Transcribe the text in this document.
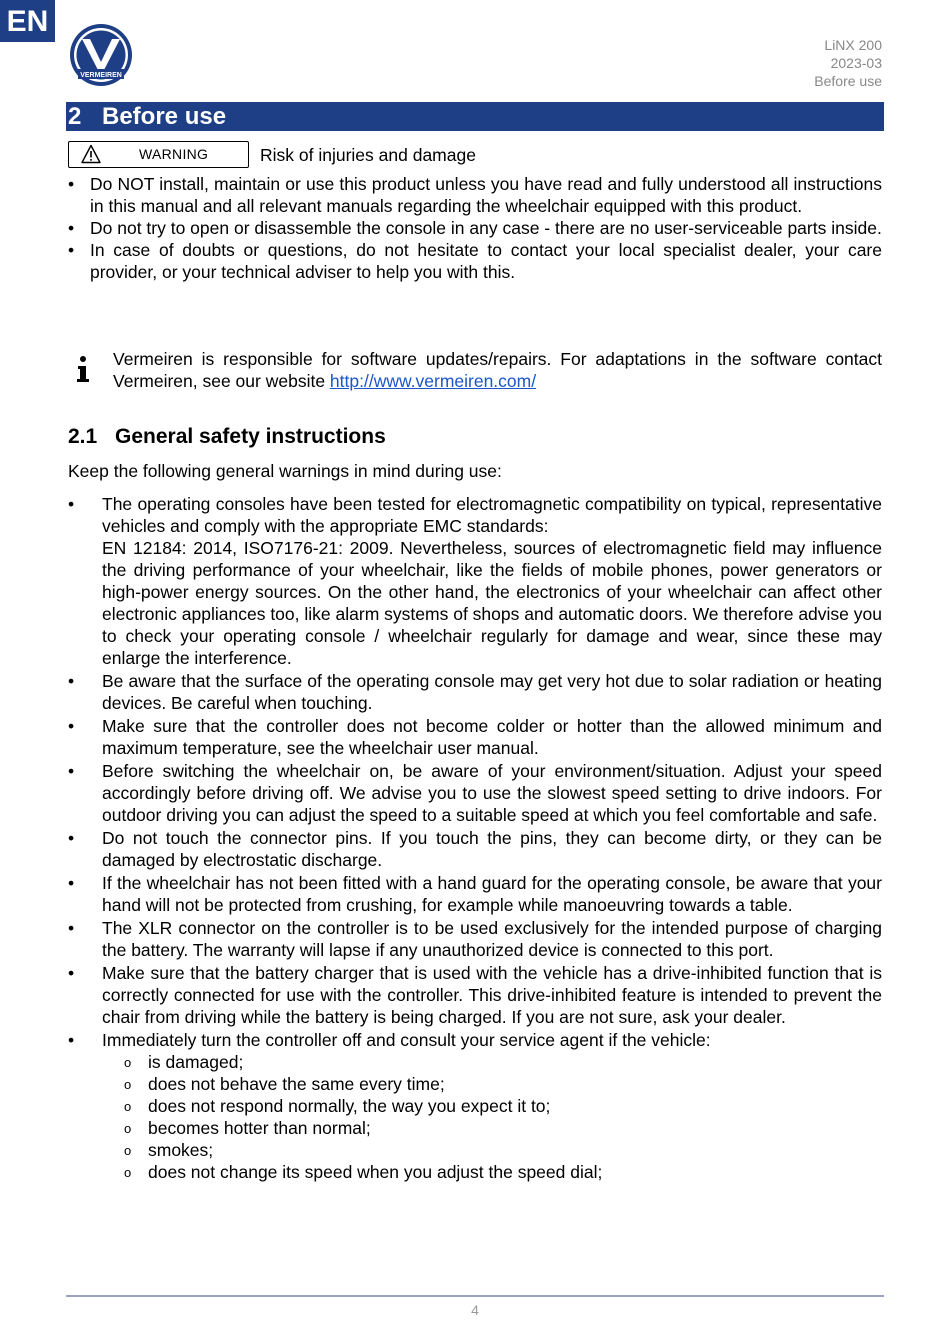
EN
VERMEIREN
LiNX 200
2023-03
Before use
2 Before use
WARNING	Risk of injuries and damage
• Do NOT install, maintain or use this product unless you have read and fully understood all instructions in this manual and all relevant manuals regarding the wheelchair equipped with this product.
• Do not try to open or disassemble the console in any case - there are no user-serviceable parts inside.
• In case of doubts or questions, do not hesitate to contact your local specialist dealer, your care provider, or your technical adviser to help you with this.
Vermeiren is responsible for software updates/repairs. For adaptations in the software contact Vermeiren, see our website http://www.vermeiren.com/
2.1 General safety instructions
Keep the following general warnings in mind during use:
• The operating consoles have been tested for electromagnetic compatibility on typical, representative vehicles and comply with the appropriate EMC standards:
EN 12184: 2014, ISO7176-21: 2009. Nevertheless, sources of electromagnetic field may influence the driving performance of your wheelchair, like the fields of mobile phones, power generators or high-power energy sources. On the other hand, the electronics of your wheelchair can affect other electronic appliances too, like alarm systems of shops and automatic doors. We therefore advise you to check your operating console / wheelchair regularly for damage and wear, since these may enlarge the interference.
• Be aware that the surface of the operating console may get very hot due to solar radiation or heating devices. Be careful when touching.
• Make sure that the controller does not become colder or hotter than the allowed minimum and maximum temperature, see the wheelchair user manual.
• Before switching the wheelchair on, be aware of your environment/situation. Adjust your speed accordingly before driving off. We advise you to use the slowest speed setting to drive indoors. For outdoor driving you can adjust the speed to a suitable speed at which you feel comfortable and safe.
• Do not touch the connector pins. If you touch the pins, they can become dirty, or they can be damaged by electrostatic discharge.
• If the wheelchair has not been fitted with a hand guard for the operating console, be aware that your hand will not be protected from crushing, for example while manoeuvring towards a table.
• The XLR connector on the controller is to be used exclusively for the intended purpose of charging the battery. The warranty will lapse if any unauthorized device is connected to this port.
• Make sure that the battery charger that is used with the vehicle has a drive-inhibited function that is correctly connected for use with the controller. This drive-inhibited feature is intended to prevent the chair from driving while the battery is being charged. If you are not sure, ask your dealer.
• Immediately turn the controller off and consult your service agent if the vehicle:
o is damaged;
o does not behave the same every time;
o does not respond normally, the way you expect it to;
o becomes hotter than normal;
o smokes;
o does not change its speed when you adjust the speed dial;
4
